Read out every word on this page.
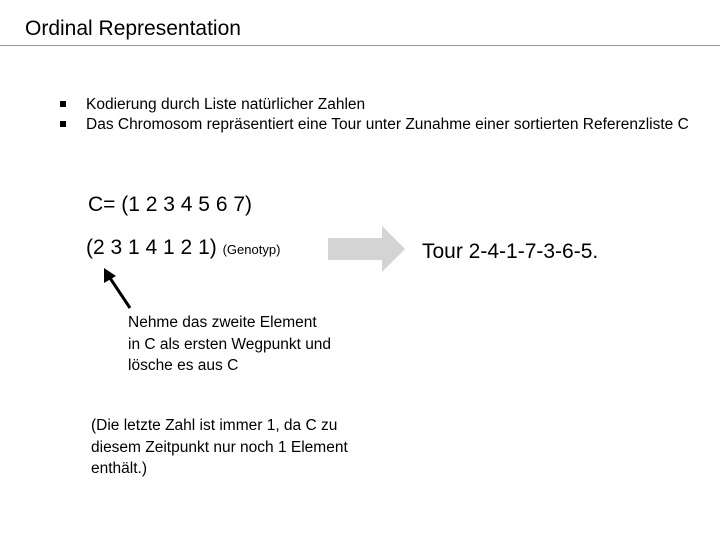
Ordinal Representation
Kodierung durch Liste natürlicher Zahlen
Das Chromosom repräsentiert eine Tour unter Zunahme einer sortierten Referenzliste C
C= (1 2 3 4 5 6 7)
(2 3 1 4 1 2 1) (Genotyp)	Tour 2-4-1-7-3-6-5.
Nehme das zweite Element
in C als ersten Wegpunkt und
lösche es aus C
(Die letzte Zahl ist immer 1, da C zu
diesem Zeitpunkt nur noch 1 Element
enthält.)
